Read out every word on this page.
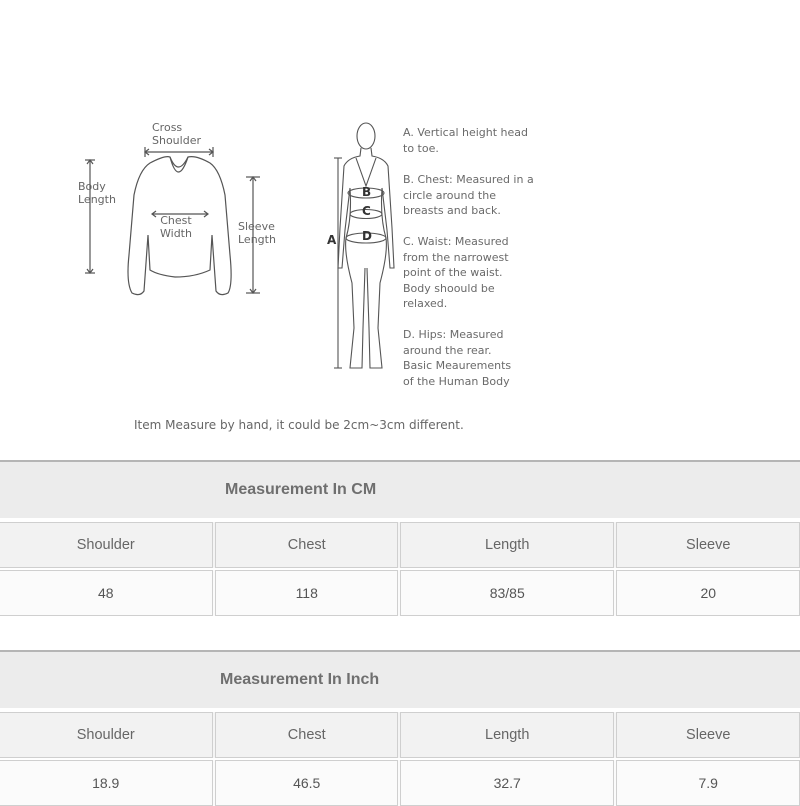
Cross
Shoulder
Body
Length
Chest
Width
Sleeve
Length	A
B
C
D
A. Vertical height head
to toe.
B. Chest: Measured in a
circle around the
breasts and back.
C. Waist: Measured
from the narrowest
point of the waist.
Body shoould be
relaxed.
D. Hips: Measured
around the rear.
Basic Meaurements
of the Human Body
Item Measure by hand, it could be 2cm~3cm different.
Measurement In CM
Shoulder	Chest	Length	Sleeve
48	118	83/85	20
Measurement In Inch
Shoulder	Chest	Length	Sleeve
18.9	46.5	32.7	7.9
